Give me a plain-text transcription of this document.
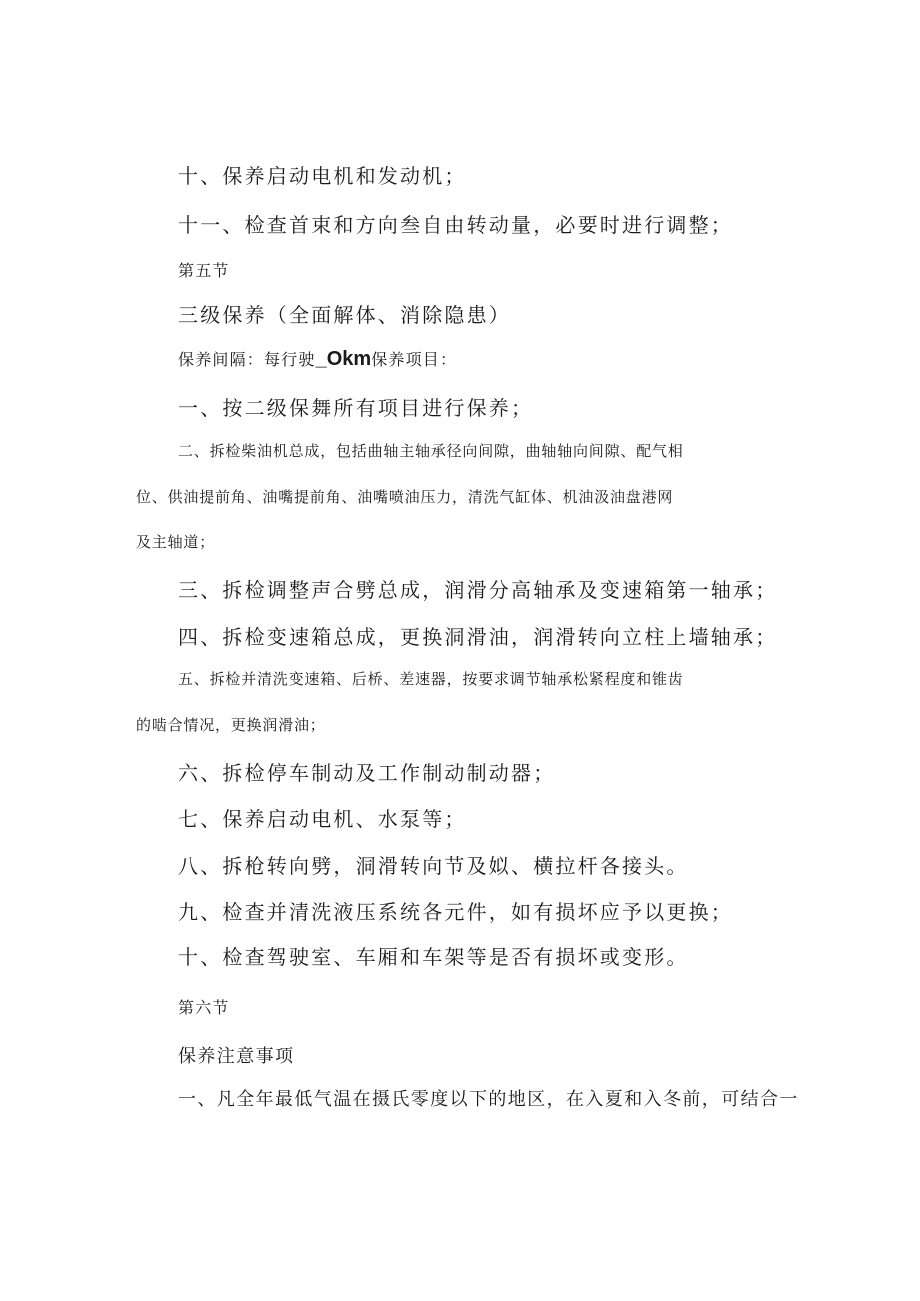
十、保养启动电机和发动机；

十一、检查首束和方向叁自由转动量，必要时进行调整；

第五节

三级保养（全面解体、消除隐患）

保养间隔：每行驶_Okm保养项目：

一、按二级保舞所有项目进行保养；

二、拆检柴油机总成，包括曲轴主轴承径向间隙，曲轴轴向间隙、配气相

位、供油提前角、油嘴提前角、油嘴喷油压力，清洗气缸体、机油汲油盘港网

及主轴道；

三、拆检调整声合劈总成，润滑分高轴承及变速箱第一轴承；

四、拆检变速箱总成，更换洞滑油，润滑转向立柱上墙轴承；

五、拆检并清洗变速箱、后桥、差速器，按要求调节轴承松紧程度和锥齿

的啮合情况，更换润滑油；

六、拆检停车制动及工作制动制动器；

七、保养启动电机、水泵等；

八、拆枪转向劈，洞滑转向节及姒、横拉杆各接头。

九、检查并清洗液压系统各元件，如有损坏应予以更换；

十、检查驾驶室、车厢和车架等是否有损坏或变形。

第六节

保养注意事项

一、凡全年最低气温在摄氏零度以下的地区，在入夏和入冬前，可结合一
